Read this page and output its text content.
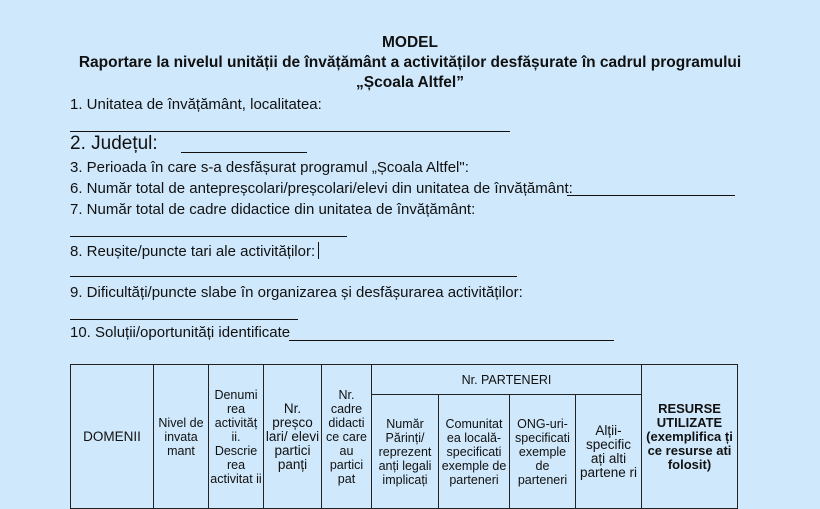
MODEL
Raportare la nivelul unității de învățământ a activităților desfășurate în cadrul programului
„Școala Altfel”
1. Unitatea de învățământ, localitatea:
2. Județul:
3. Perioada în care s-a desfășurat programul „Școala Altfel":
6. Număr total de antepreșcolari/preșcolari/elevi din unitatea de învățământ:
7. Număr total de cadre didactice din unitatea de învățământ:
8. Reușite/puncte tari ale activităților:
9. Dificultăți/puncte slabe în organizarea și desfășurarea activităților:
10. Soluții/oportunități identificate
DOMENII	Nivel de invata mant	Denumi rea activităț ii. Descrie rea activitat ii	Nr. preșco lari/ elevi partici panți	Nr. cadre didacti ce care au partici pat	Nr. PARTENERI				RESURSE UTILIZATE (exemplifica ți ce resurse ati folosit)
					Număr Părinți/ reprezent anți legali implicați	Comunitat ea locală- specificati exemple de parteneri	ONG-uri- specificati exemple de parteneri	Alții- specific ați alti partene ri	
